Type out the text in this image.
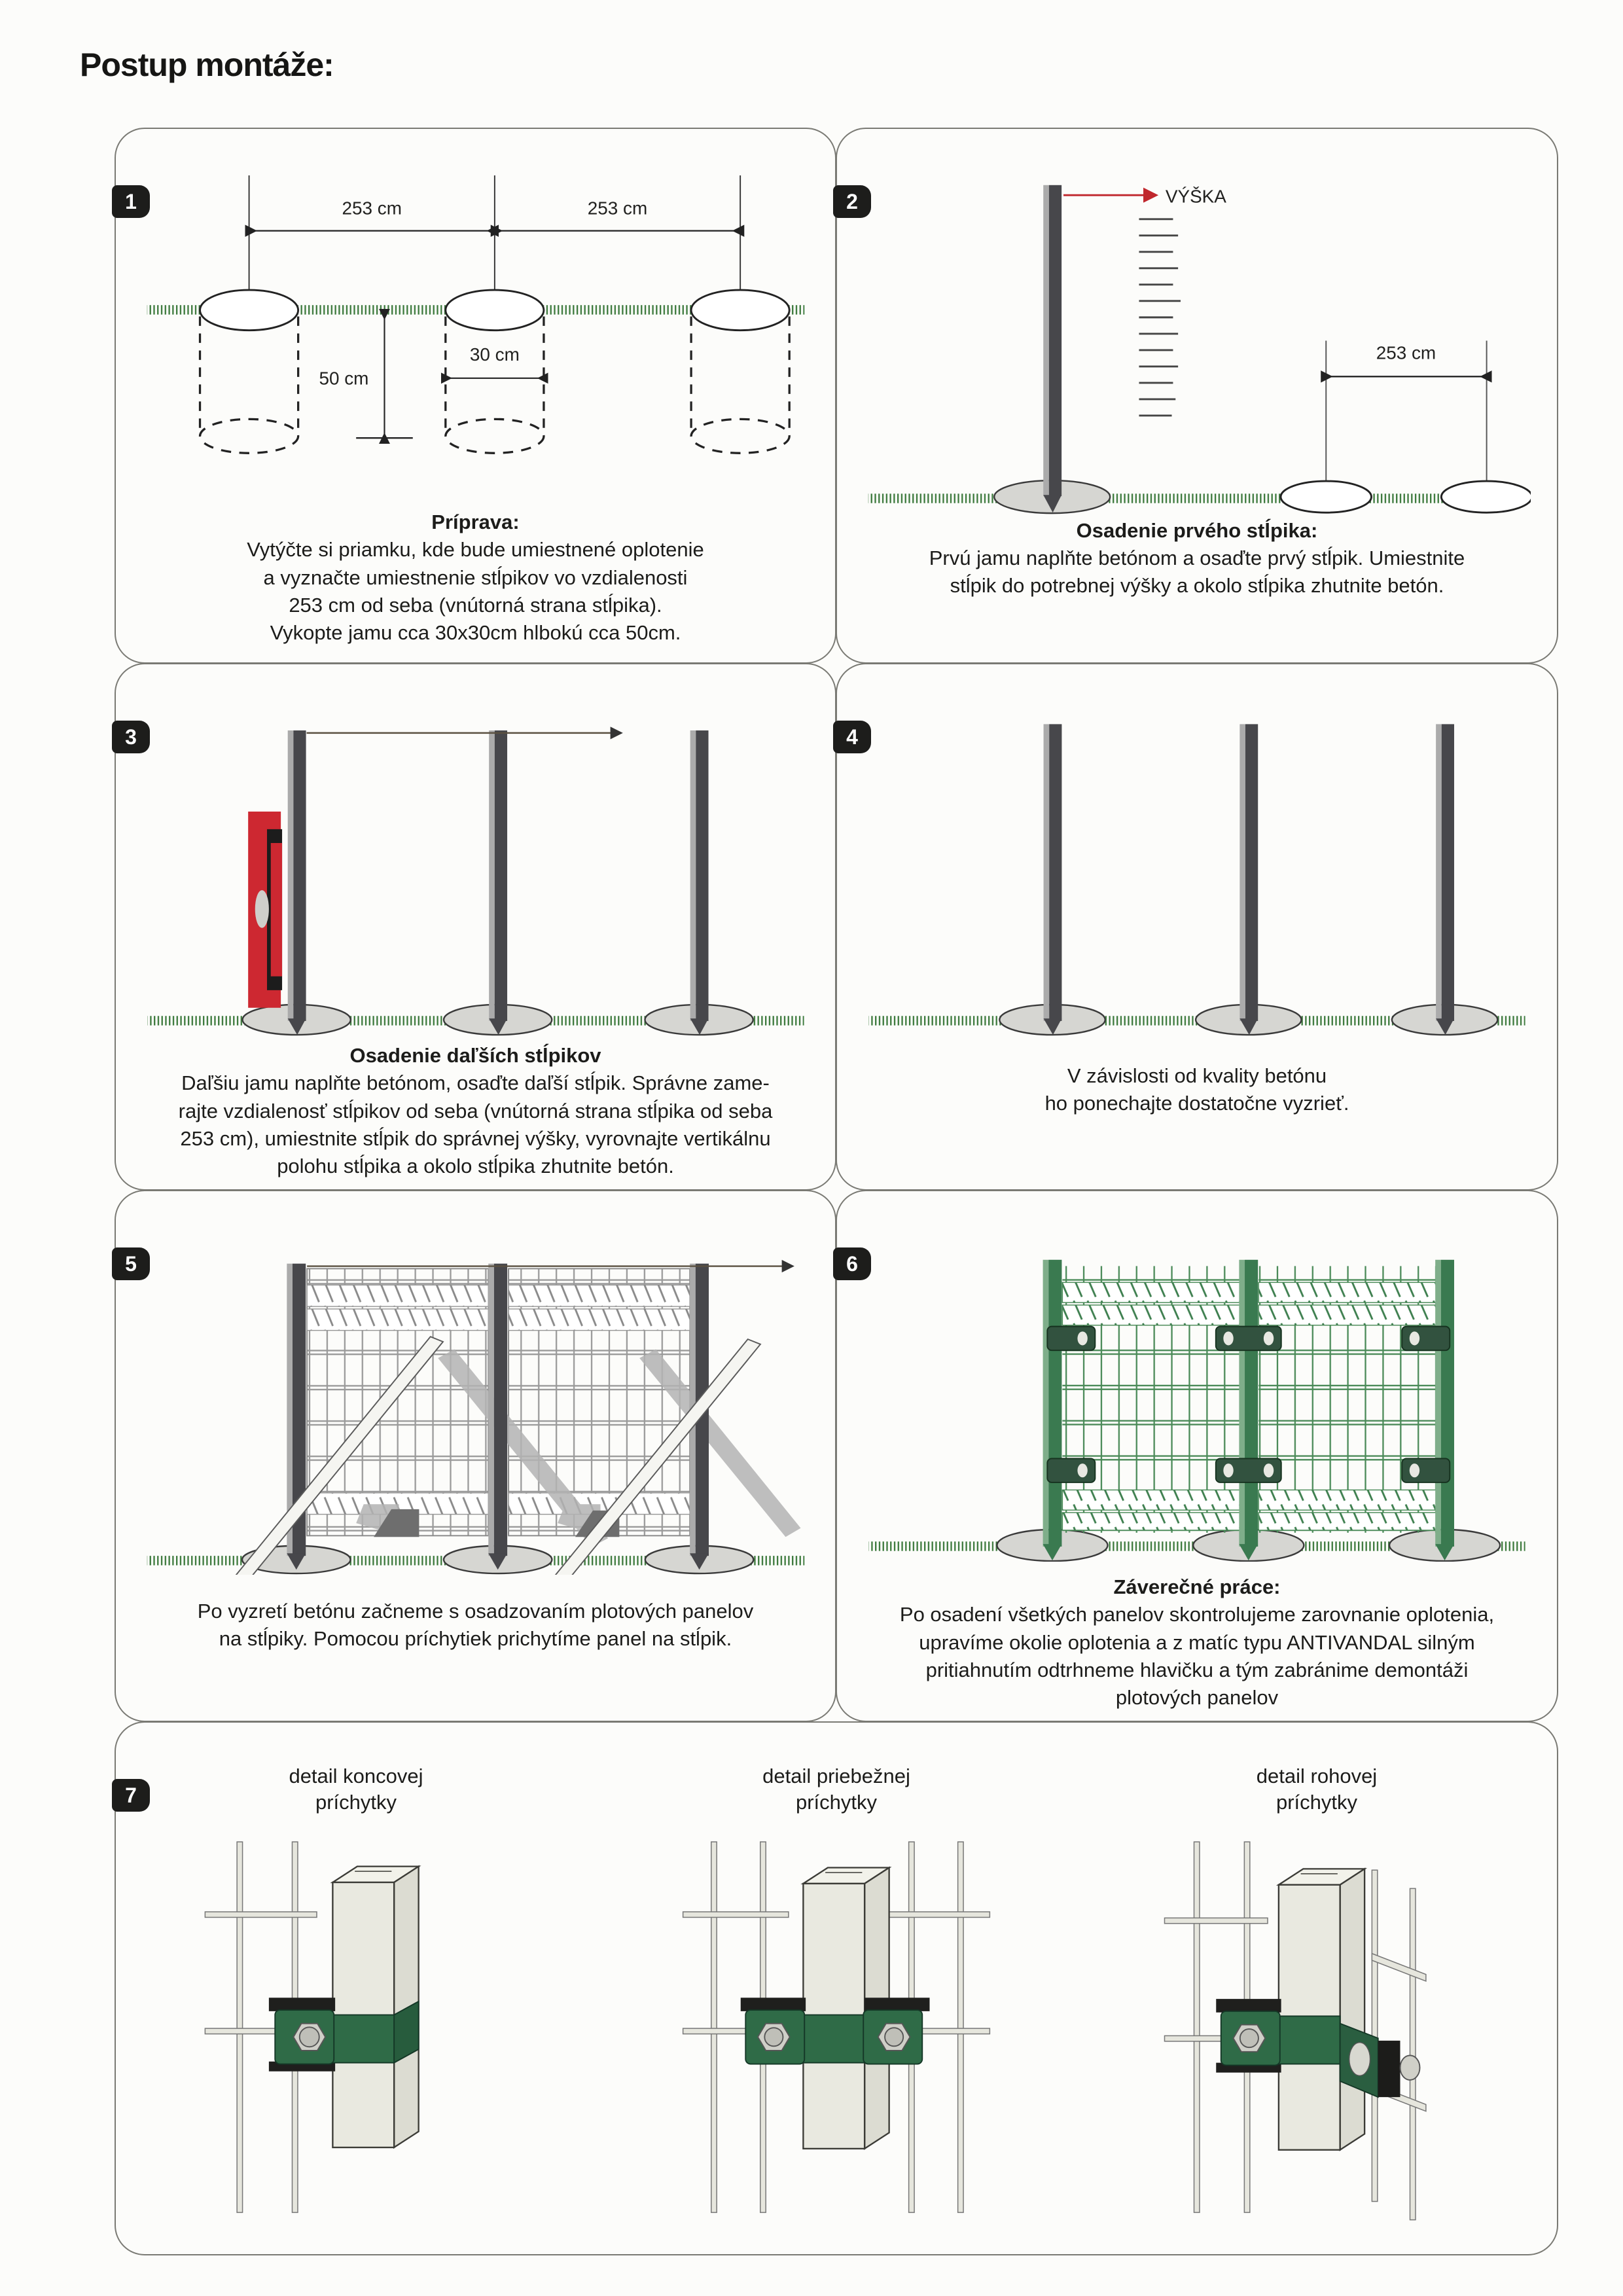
Postup montáže:
1	253 cm	253 cm
50 cm
30 cm
Príprava:
Vytýčte si priamku, kde bude umiestnené oplotenie
a vyznačte umiestnenie stĺpikov vo vzdialenosti
253 cm od seba (vnútorná strana stĺpika).
Vykopte jamu cca 30x30cm hlbokú cca 50cm.
2	VÝŠKA
253 cm
Osadenie prvého stĺpika:
Prvú jamu naplňte betónom a osaďte prvý stĺpik. Umiestnite
stĺpik do potrebnej výšky a okolo stĺpika zhutnite betón.
3
Osadenie daľších stĺpikov
Daľšiu jamu naplňte betónom, osaďte daľší stĺpik. Správne zame-
rajte vzdialenosť stĺpikov od seba (vnútorná strana stĺpika od seba
253 cm), umiestnite stĺpik do správnej výšky, vyrovnajte vertikálnu
polohu stĺpika a okolo stĺpika zhutnite betón.
4
V závislosti od kvality betónu
ho ponechajte dostatočne vyzrieť.
5
Po vyzretí betónu začneme s osadzovaním plotových panelov
na stĺpiky. Pomocou príchytiek prichytíme panel na stĺpik.
6
Záverečné práce:
Po osadení všetkých panelov skontrolujeme zarovnanie oplotenia,
upravíme okolie oplotenia a z matíc typu ANTIVANDAL silným
pritiahnutím odtrhneme hlavičku a tým zabránime demontáži
plotových panelov
7
detail koncovej
príchytky
detail priebežnej
príchytky
detail rohovej
príchytky
